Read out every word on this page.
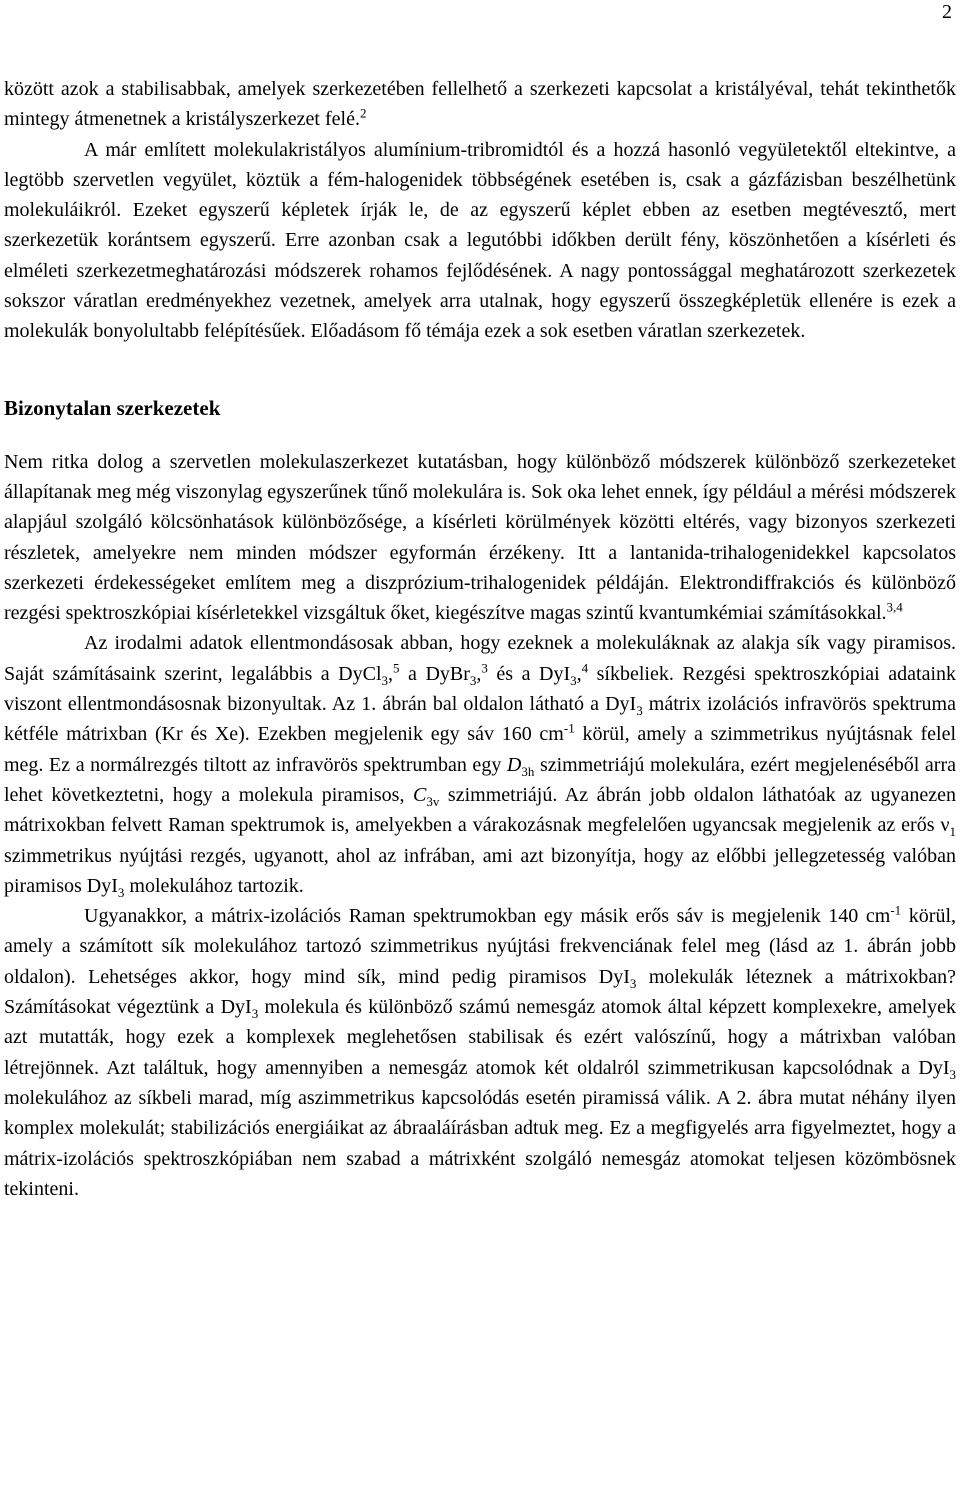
2

között azok a stabilisabbak, amelyek szerkezetében fellelhető a szerkezeti kapcsolat a kristályéval, tehát tekinthetők mintegy átmenetnek a kristályszerkezet felé.$^2$

A már említett molekulakristályos alumínium-tribromidtól és a hozzá hasonló vegyületektől eltekintve, a legtöbb szervetlen vegyület, köztük a fém-halogenidek többségének esetében is, csak a gázfázisban beszélhetünk molekuláikról. Ezeket egyszerű képletek írják le, de az egyszerű képlet ebben az esetben megtévesztő, mert szerkezetük korántsem egyszerű. Erre azonban csak a legutóbbi időkben derült fény, köszönhetően a kísérleti és elméleti szerkezetmeghatározási módszerek rohamos fejlődésének. A nagy pontossággal meghatározott szerkezetek sokszor váratlan eredményekhez vezetnek, amelyek arra utalnak, hogy egyszerű összegképletük ellenére is ezek a molekulák bonyolultabb felépítésűek. Előadásom fő témája ezek a sok esetben váratlan szerkezetek.

Bizonytalan szerkezetek

Nem ritka dolog a szervetlen molekulaszerkezet kutatásban, hogy különböző módszerek különböző szerkezeteket állapítanak meg még viszonylag egyszerűnek tűnő molekulára is. Sok oka lehet ennek, így például a mérési módszerek alapjául szolgáló kölcsönhatások különbözősége, a kísérleti körülmények közötti eltérés, vagy bizonyos szerkezeti részletek, amelyekre nem minden módszer egyformán érzékeny. Itt a lantanida-trihalogenidekkel kapcsolatos szerkezeti érdekességeket említem meg a diszprózium-trihalogenidek példáján. Elektrondiffrakciós és különböző rezgési spektroszkópiai kísérletekkel vizsgáltuk őket, kiegészítve magas szintű kvantumkémiai számításokkal.$^{3,4}$

Az irodalmi adatok ellentmondásosak abban, hogy ezeknek a molekuláknak az alakja sík vagy piramisos. Saját számításaink szerint, legalábbis a DyCl$_3$,$^5$ a DyBr$_3$,$^3$ és a DyI$_3$,$^4$ síkbeliek. Rezgési spektroszkópiai adataink viszont ellentmondásosnak bizonyultak. Az 1. ábrán bal oldalon látható a DyI$_3$ mátrix izolációs infravörös spektruma kétféle mátrixban (Kr és Xe). Ezekben megjelenik egy sáv 160 $cm^{-1}$ körül, amely a szimmetrikus nyújtásnak felel meg. Ez a normálrezgés tiltott az infravörös spektrumban egy $D_{3h}$ szimmetriájú molekulára, ezért megjelenéséből arra lehet következtetni, hogy a molekula piramisos, $C_{3v}$ szimmetriájú. Az ábrán jobb oldalon láthatóak az ugyanezen mátrixokban felvett Raman spektrumok is, amelyekben a várakozásnak megfelelően ugyancsak megjelenik az erős $\nu_1$ szimmetrikus nyújtási rezgés, ugyanott, ahol az infrában, ami azt bizonyítja, hogy az előbbi jellegzetesség valóban piramisos DyI$_3$ molekulához tartozik.

Ugyanakkor, a mátrix-izolációs Raman spektrumokban egy másik erős sáv is megjelenik 140 $cm^{-1}$ körül, amely a számított sík molekulához tartozó szimmetrikus nyújtási frekvenciának felel meg (lásd az 1. ábrán jobb oldalon). Lehetséges akkor, hogy mind sík, mind pedig piramisos DyI$_3$ molekulák léteznek a mátrixokban? Számításokat végeztünk a DyI$_3$ molekula és különböző számú nemesgáz atomok által képzett komplexekre, amelyek azt mutatták, hogy ezek a komplexek meglehetősen stabilisak és ezért valószínű, hogy a mátrixban valóban létrejönnek. Azt találtuk, hogy amennyiben a nemesgáz atomok két oldalról szimmetrikusan kapcsolódnak a DyI$_3$ molekulához az síkbeli marad, míg aszimmetrikus kapcsolódás esetén piramissá válik. A 2. ábra mutat néhány ilyen komplex molekulát; stabilizációs energiáikat az ábraaláírásban adtuk meg. Ez a megfigyelés arra figyelmeztet, hogy a mátrix-izolációs spektroszkópiában nem szabad a mátrixként szolgáló nemesgáz atomokat teljesen közömbösnek tekinteni.
